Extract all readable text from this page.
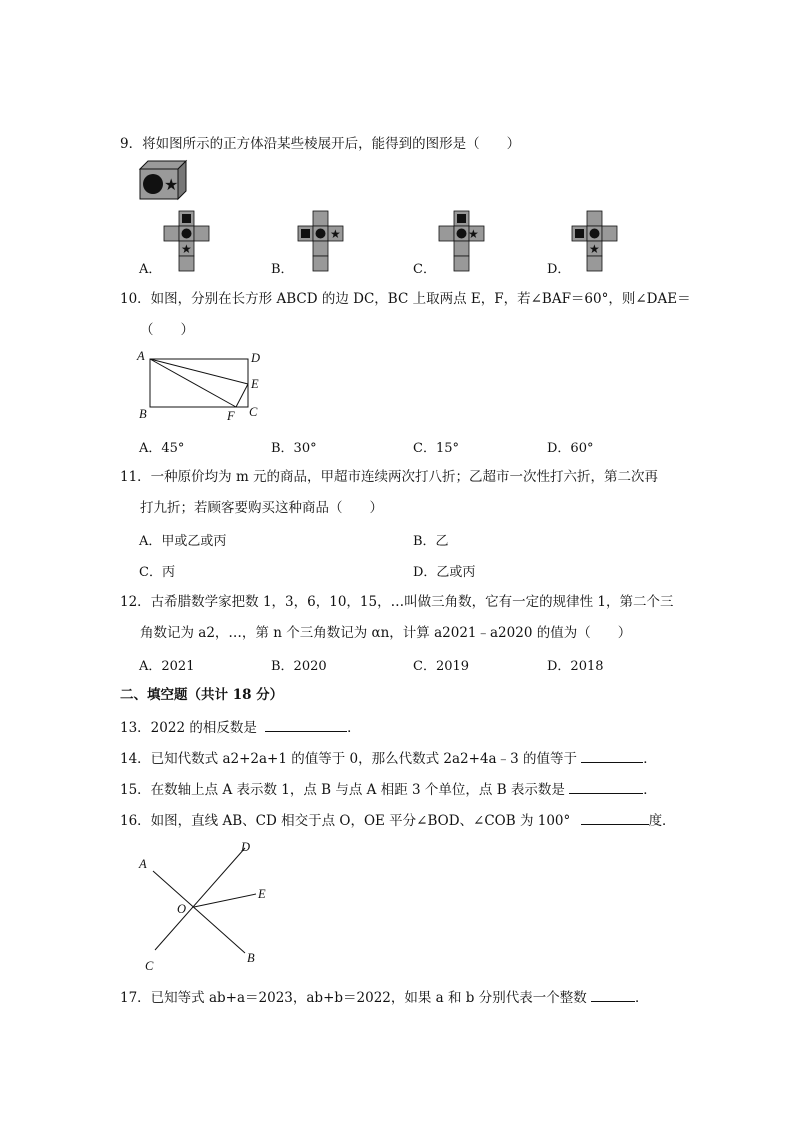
9．将如图所示的正方体沿某些棱展开后，能得到的图形是（　　）
★
★
A．
★
B．
★
C．
★
D．
10．如图，分别在长方形 ABCD 的边 DC，BC 上取两点 E，F，若∠BAF＝60°，则∠DAE＝
（　　）
A	D
E
B	F C
A．45°	B．30°	C．15°	D．60°
11．一种原价均为 m 元的商品，甲超市连续两次打八折；乙超市一次性打六折，第二次再
打九折；若顾客要购买这种商品（　　）
A．甲或乙或丙	B．乙
C．丙	D．乙或丙
12．古希腊数学家把数 1，3，6，10，15，…叫做三角数，它有一定的规律性 1，第二个三
角数记为 a2，…，第 n 个三角数记为 αn，计算 a2021﹣a2020 的值为（　　）
A．2021	B．2020	C．2019	D．2018
二、填空题（共计 18 分）
13．2022 的相反数是	．
14．已知代数式 a2+2a+1 的值等于 0，那么代数式 2a2+4a﹣3 的值等于	．
15．在数轴上点 A 表示数 1，点 B 与点 A 相距 3 个单位，点 B 表示数是	．
16．如图，直线 AB、CD 相交于点 O，OE 平分∠BOD、∠COB 为 100°	度．
A
D
E
O
C
B
17．已知等式 ab+a＝2023，ab+b＝2022，如果 a 和 b 分别代表一个整数	．
